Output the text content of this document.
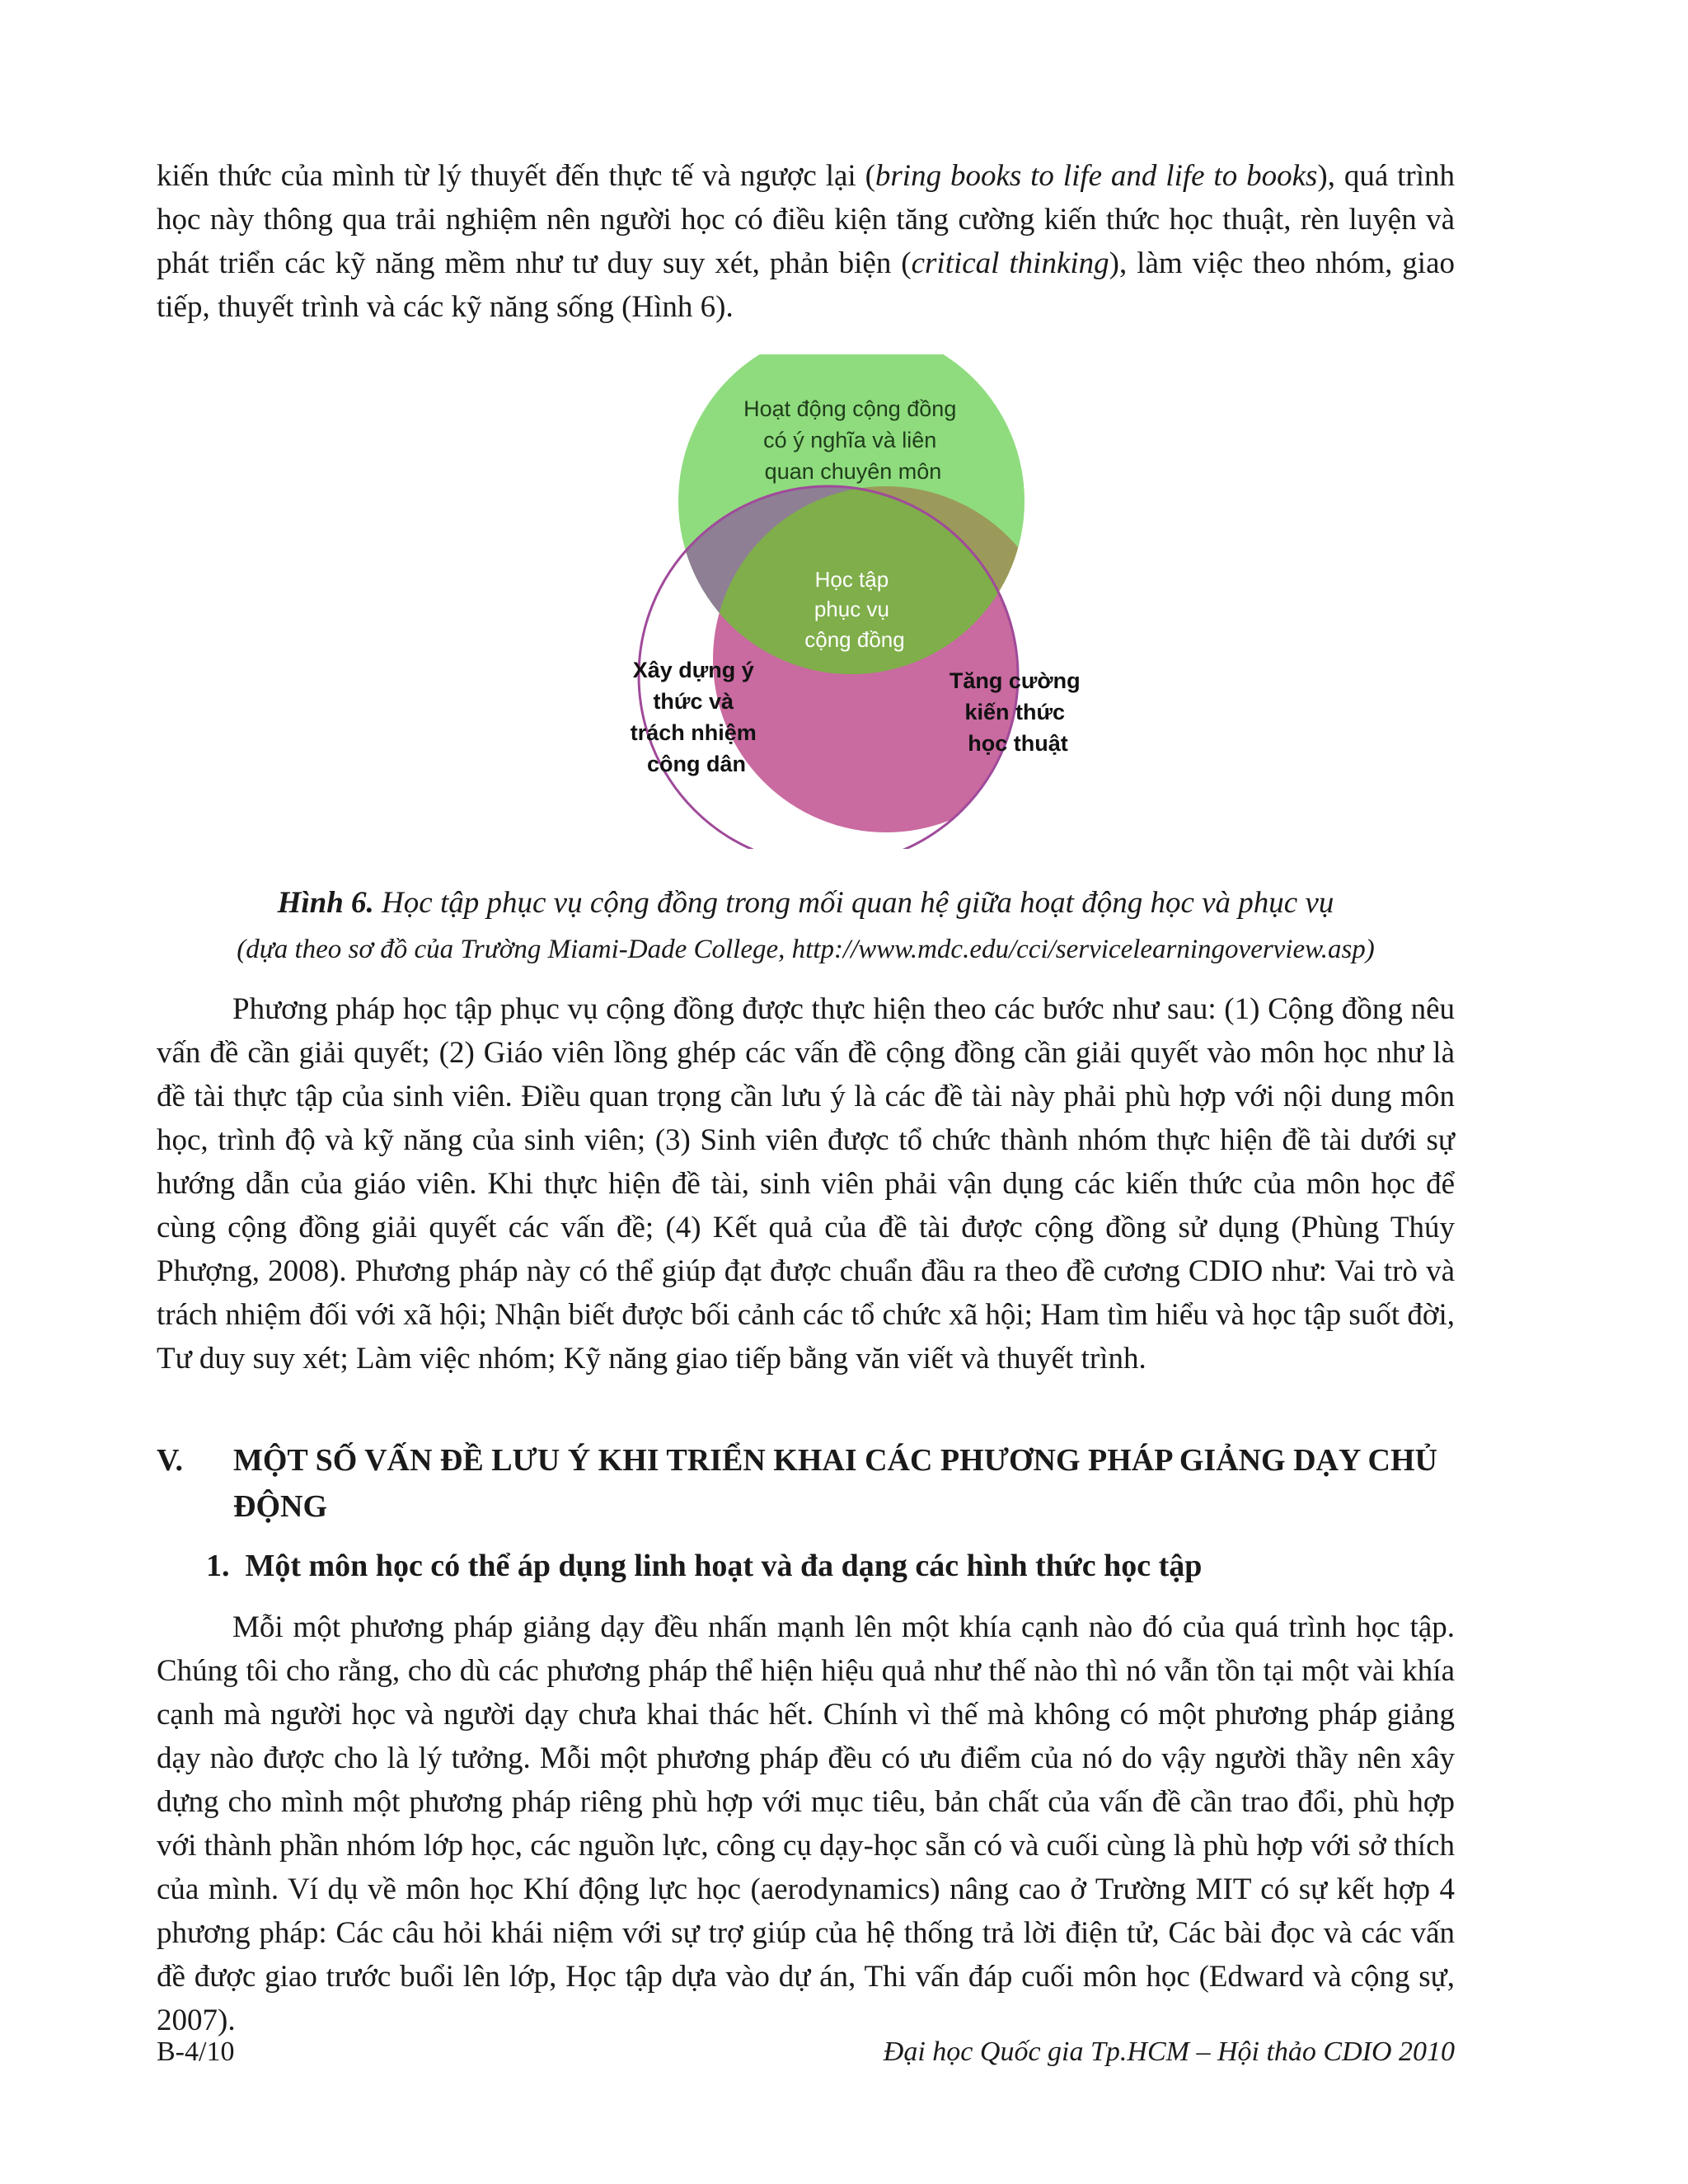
kiến thức của mình từ lý thuyết đến thực tế và ngược lại (bring books to life and life to books), quá trình học này thông qua trải nghiệm nên người học có điều kiện tăng cường kiến thức học thuật, rèn luyện và phát triển các kỹ năng mềm như tư duy suy xét, phản biện (critical thinking), làm việc theo nhóm, giao tiếp, thuyết trình và các kỹ năng sống (Hình 6).

Hoạt động cộng đồng có ý nghĩa và liên quan chuyên môn
Học tập phục vụ cộng đồng
Xây dựng ý thức và trách nhiệm công dân
Tăng cường kiến thức học thuật

Hình 6. Học tập phục vụ cộng đồng trong mối quan hệ giữa hoạt động học và phục vụ

(dựa theo sơ đồ của Trường Miami-Dade College, http://www.mdc.edu/cci/servicelearningoverview.asp)

Phương pháp học tập phục vụ cộng đồng được thực hiện theo các bước như sau: (1) Cộng đồng nêu vấn đề cần giải quyết; (2) Giáo viên lồng ghép các vấn đề cộng đồng cần giải quyết vào môn học như là đề tài thực tập của sinh viên. Điều quan trọng cần lưu ý là các đề tài này phải phù hợp với nội dung môn học, trình độ và kỹ năng của sinh viên; (3) Sinh viên được tổ chức thành nhóm thực hiện đề tài dưới sự hướng dẫn của giáo viên. Khi thực hiện đề tài, sinh viên phải vận dụng các kiến thức của môn học để cùng cộng đồng giải quyết các vấn đề; (4) Kết quả của đề tài được cộng đồng sử dụng (Phùng Thúy Phượng, 2008). Phương pháp này có thể giúp đạt được chuẩn đầu ra theo đề cương CDIO như: Vai trò và trách nhiệm đối với xã hội; Nhận biết được bối cảnh các tổ chức xã hội; Ham tìm hiểu và học tập suốt đời, Tư duy suy xét; Làm việc nhóm; Kỹ năng giao tiếp bằng văn viết và thuyết trình.

V. MỘT SỐ VẤN ĐỀ LƯU Ý KHI TRIỂN KHAI CÁC PHƯƠNG PHÁP GIẢNG DẠY CHỦ ĐỘNG
1. Một môn học có thể áp dụng linh hoạt và đa dạng các hình thức học tập

Mỗi một phương pháp giảng dạy đều nhấn mạnh lên một khía cạnh nào đó của quá trình học tập. Chúng tôi cho rằng, cho dù các phương pháp thể hiện hiệu quả như thế nào thì nó vẫn tồn tại một vài khía cạnh mà người học và người dạy chưa khai thác hết. Chính vì thế mà không có một phương pháp giảng dạy nào được cho là lý tưởng. Mỗi một phương pháp đều có ưu điểm của nó do vậy người thầy nên xây dựng cho mình một phương pháp riêng phù hợp với mục tiêu, bản chất của vấn đề cần trao đổi, phù hợp với thành phần nhóm lớp học, các nguồn lực, công cụ dạy-học sẵn có và cuối cùng là phù hợp với sở thích của mình. Ví dụ về môn học Khí động lực học (aerodynamics) nâng cao ở Trường MIT có sự kết hợp 4 phương pháp: Các câu hỏi khái niệm với sự trợ giúp của hệ thống trả lời điện tử, Các bài đọc và các vấn đề được giao trước buổi lên lớp, Học tập dựa vào dự án, Thi vấn đáp cuối môn học (Edward và cộng sự, 2007).

B-4/10	Đại học Quốc gia Tp.HCM – Hội thảo CDIO 2010
